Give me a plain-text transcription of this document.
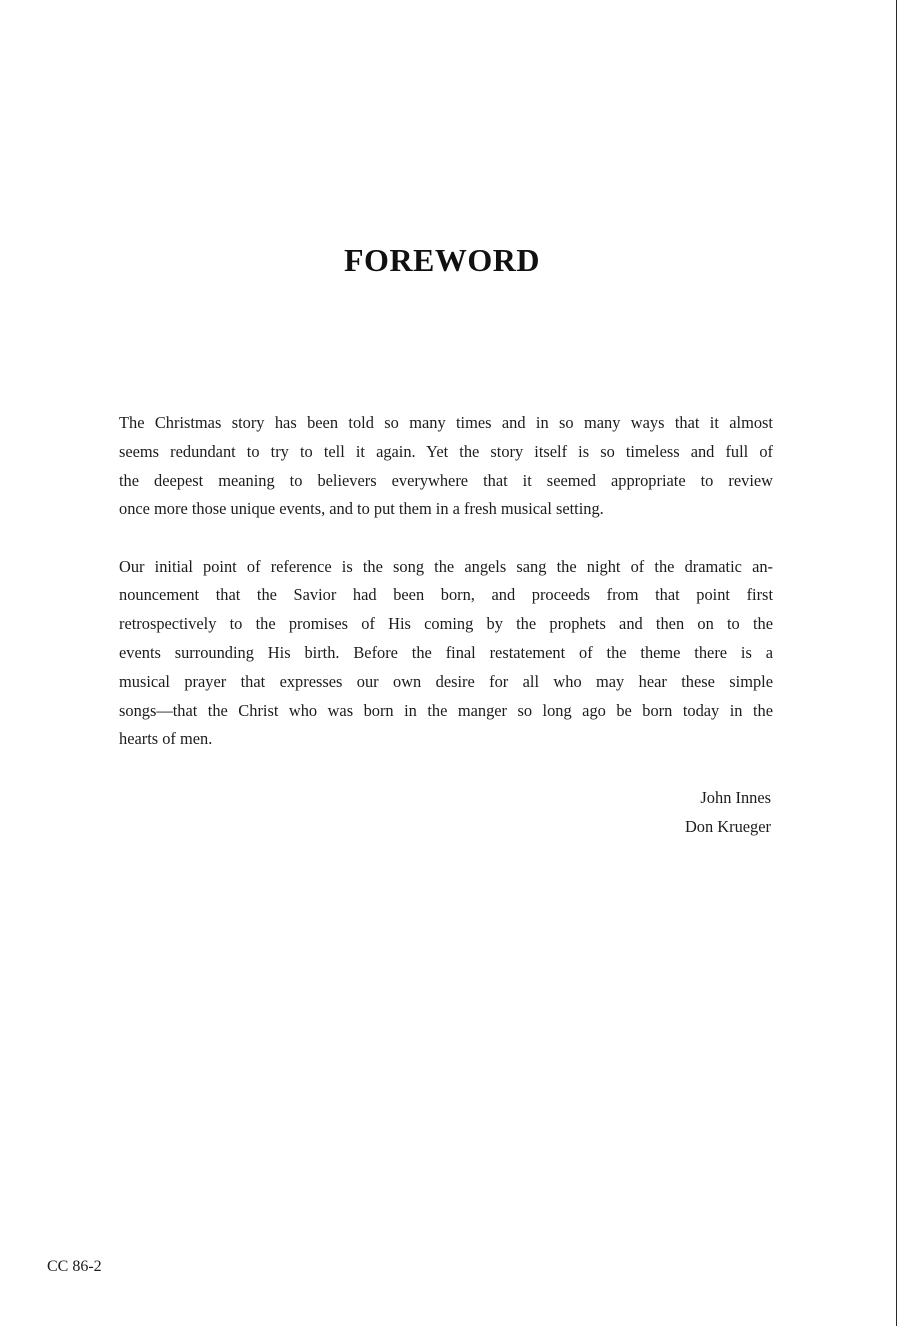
FOREWORD

The Christmas story has been told so many times and in so many ways that it almost
seems redundant to try to tell it again. Yet the story itself is so timeless and full of
the deepest meaning to believers everywhere that it seemed appropriate to review
once more those unique events, and to put them in a fresh musical setting.

Our initial point of reference is the song the angels sang the night of the dramatic an-
nouncement that the Savior had been born, and proceeds from that point first
retrospectively to the promises of His coming by the prophets and then on to the
events surrounding His birth. Before the final restatement of the theme there is a
musical prayer that expresses our own desire for all who may hear these simple
songs—that the Christ who was born in the manger so long ago be born today in the
hearts of men.

John Innes
Don Krueger
CC 86-2
